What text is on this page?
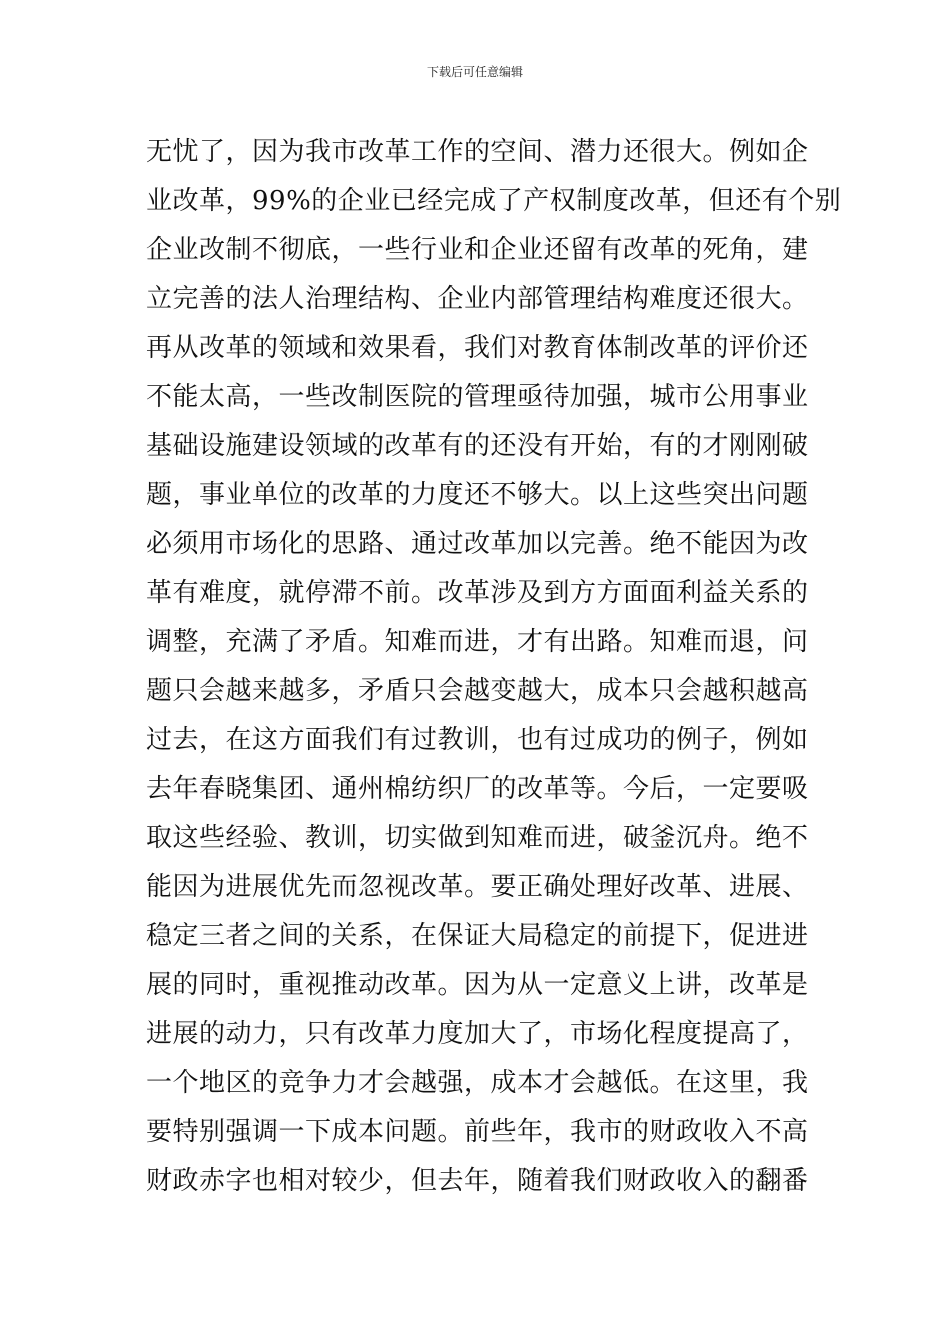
下载后可任意编辑
无忧了，因为我市改革工作的空间、潜力还很大。例如企
业改革，99%的企业已经完成了产权制度改革，但还有个别
企业改制不彻底，一些行业和企业还留有改革的死角，建
立完善的法人治理结构、企业内部管理结构难度还很大。
再从改革的领域和效果看，我们对教育体制改革的评价还
不能太高，一些改制医院的管理亟待加强，城市公用事业
基础设施建设领域的改革有的还没有开始，有的才刚刚破
题，事业单位的改革的力度还不够大。以上这些突出问题
必须用市场化的思路、通过改革加以完善。绝不能因为改
革有难度，就停滞不前。改革涉及到方方面面利益关系的
调整，充满了矛盾。知难而进，才有出路。知难而退，问
题只会越来越多，矛盾只会越变越大，成本只会越积越高
过去，在这方面我们有过教训，也有过成功的例子，例如
去年春晓集团、通州棉纺织厂的改革等。今后，一定要吸
取这些经验、教训，切实做到知难而进，破釜沉舟。绝不
能因为进展优先而忽视改革。要正确处理好改革、进展、
稳定三者之间的关系，在保证大局稳定的前提下，促进进
展的同时，重视推动改革。因为从一定意义上讲，改革是
进展的动力，只有改革力度加大了，市场化程度提高了，
一个地区的竞争力才会越强，成本才会越低。在这里，我
要特别强调一下成本问题。前些年，我市的财政收入不高
财政赤字也相对较少，但去年，随着我们财政收入的翻番
